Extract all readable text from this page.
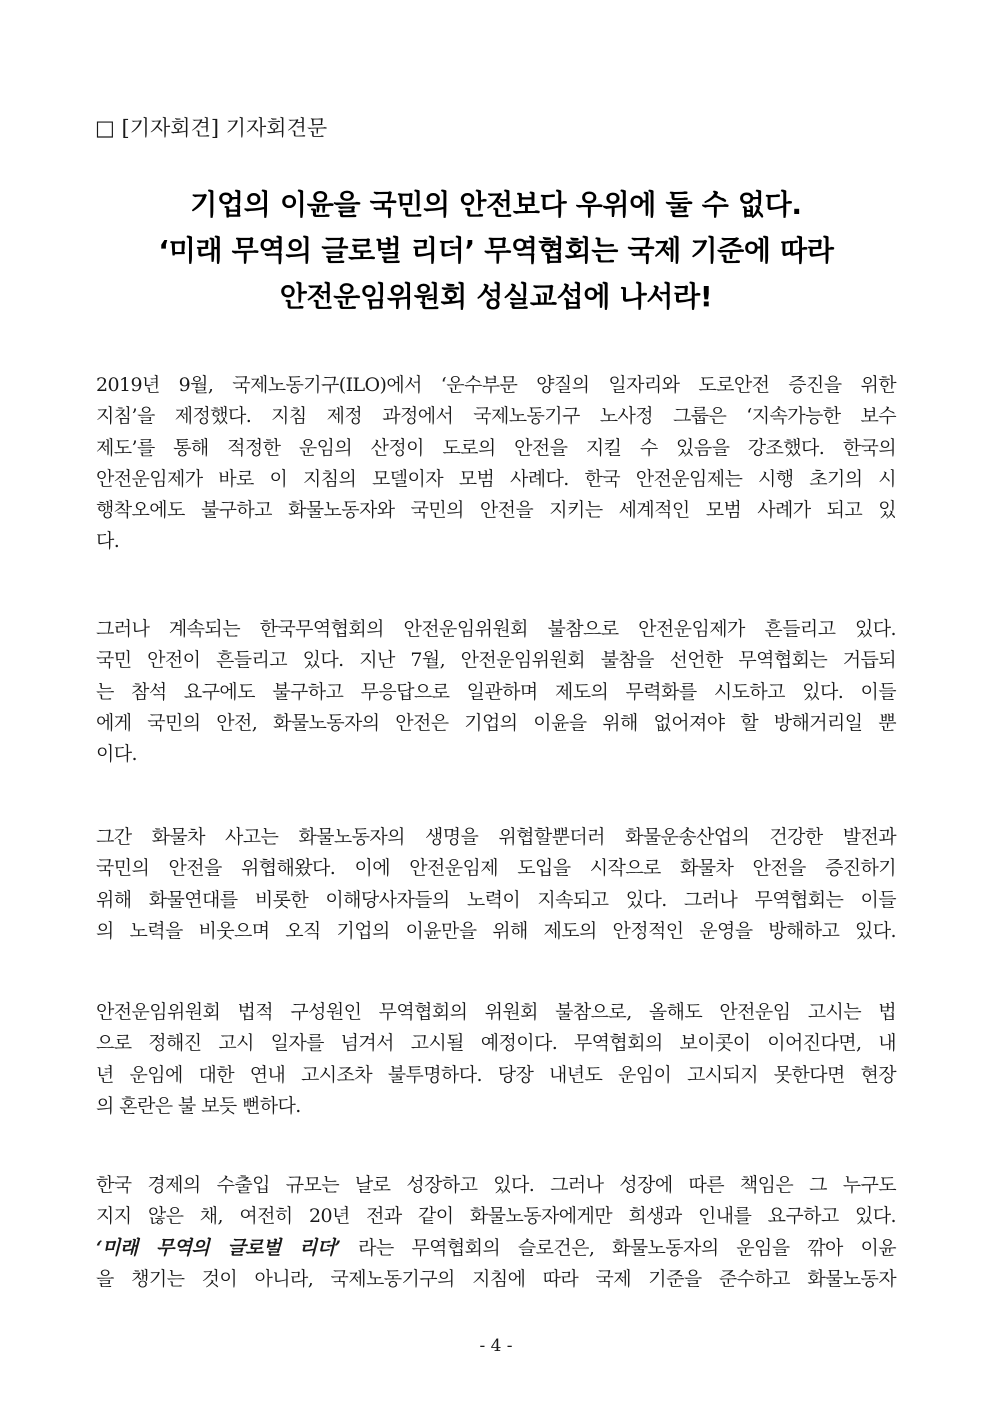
□ [기자회견] 기자회견문
기업의 이윤을 국민의 안전보다 우위에 둘 수 없다.
‘미래 무역의 글로벌 리더’ 무역협회는 국제 기준에 따라
안전운임위원회 성실교섭에 나서라!
2019년 9월, 국제노동기구(ILO)에서 ‘운수부문 양질의 일자리와 도로안전 증진을 위한
지침’을 제정했다. 지침 제정 과정에서 국제노동기구 노사정 그룹은 ‘지속가능한 보수
제도’를 통해 적정한 운임의 산정이 도로의 안전을 지킬 수 있음을 강조했다. 한국의
안전운임제가 바로 이 지침의 모델이자 모범 사례다. 한국 안전운임제는 시행 초기의 시
행착오에도 불구하고 화물노동자와 국민의 안전을 지키는 세계적인 모범 사례가 되고 있
다.
그러나 계속되는 한국무역협회의 안전운임위원회 불참으로 안전운임제가 흔들리고 있다.
국민 안전이 흔들리고 있다. 지난 7월, 안전운임위원회 불참을 선언한 무역협회는 거듭되
는 참석 요구에도 불구하고 무응답으로 일관하며 제도의 무력화를 시도하고 있다. 이들
에게 국민의 안전, 화물노동자의 안전은 기업의 이윤을 위해 없어져야 할 방해거리일 뿐
이다.
그간 화물차 사고는 화물노동자의 생명을 위협할뿐더러 화물운송산업의 건강한 발전과
국민의 안전을 위협해왔다. 이에 안전운임제 도입을 시작으로 화물차 안전을 증진하기
위해 화물연대를 비롯한 이해당사자들의 노력이 지속되고 있다. 그러나 무역협회는 이들
의 노력을 비웃으며 오직 기업의 이윤만을 위해 제도의 안정적인 운영을 방해하고 있다.
안전운임위원회 법적 구성원인 무역협회의 위원회 불참으로, 올해도 안전운임 고시는 법
으로 정해진 고시 일자를 넘겨서 고시될 예정이다. 무역협회의 보이콧이 이어진다면, 내
년 운임에 대한 연내 고시조차 불투명하다. 당장 내년도 운임이 고시되지 못한다면 현장
의 혼란은 불 보듯 뻔하다.
한국 경제의 수출입 규모는 날로 성장하고 있다. 그러나 성장에 따른 책임은 그 누구도
지지 않은 채, 여전히 20년 전과 같이 화물노동자에게만 희생과 인내를 요구하고 있다.
‘미래 무역의 글로벌 리더’ 라는 무역협회의 슬로건은, 화물노동자의 운임을 깎아 이윤
을 챙기는 것이 아니라, 국제노동기구의 지침에 따라 국제 기준을 준수하고 화물노동자
- 4 -
